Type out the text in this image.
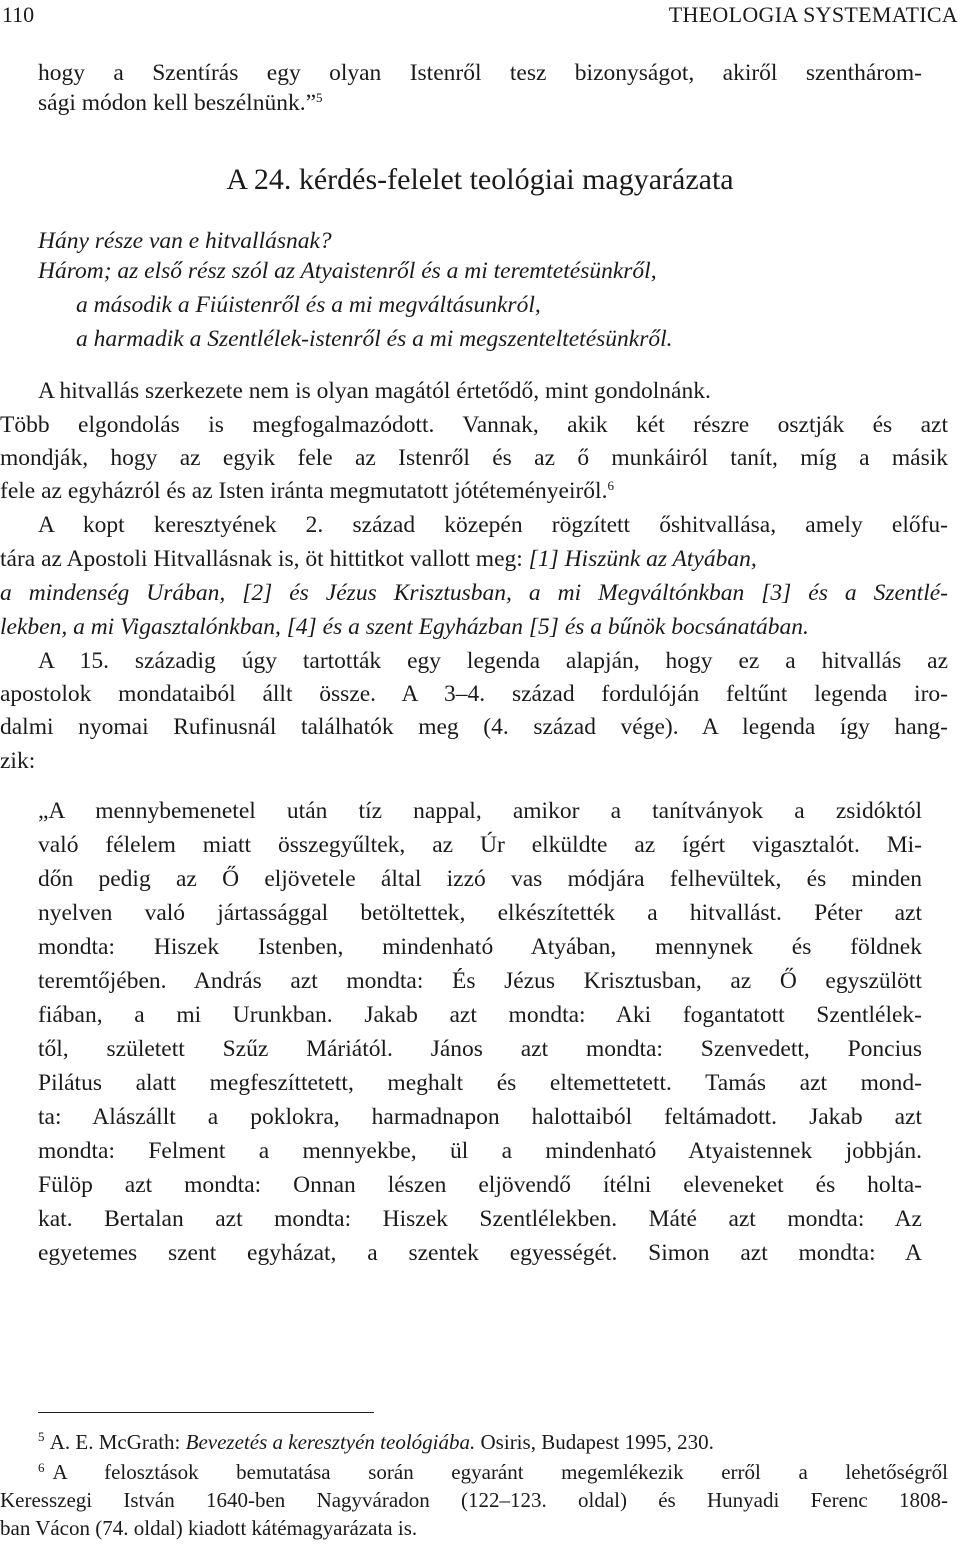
110	THEOLOGIA SYSTEMATICA
hogy a Szentírás egy olyan Istenről tesz bizonyságot, akiről szenthárom-
sági módon kell beszélnünk.”$^5$
A 24. kérdés-felelet teológiai magyarázata
Hány része van e hitvallásnak?
Három; az első rész szól az Atyaistenről és a mi teremtetésünkről,
a második a Fiúistenről és a mi megváltásunkról,
a harmadik a Szentlélek-istenről és a mi megszenteltetésünkről.
A hitvallás szerkezete nem is olyan magától értetődő, mint gondolnánk.
Több elgondolás is megfogalmazódott. Vannak, akik két részre osztják és azt
mondják, hogy az egyik fele az Istenről és az ő munkáiról tanít, míg a másik
fele az egyházról és az Isten iránta megmutatott jótéteményeiről.$^6$
A kopt keresztyének 2. század közepén rögzített őshitvallása, amely előfu-
tára az Apostoli Hitvallásnak is, öt hittitkot vallott meg: [1] Hiszünk az Atyában,
a mindenség Urában, [2] és Jézus Krisztusban, a mi Megváltónkban [3] és a Szentlé-
lekben, a mi Vigasztalónkban, [4] és a szent Egyházban [5] és a bűnök bocsánatában.
A 15. századig úgy tartották egy legenda alapján, hogy ez a hitvallás az
apostolok mondataiból állt össze. A 3–4. század fordulóján feltűnt legenda iro-
dalmi nyomai Rufinusnál találhatók meg (4. század vége). A legenda így hang-
zik:
„A mennybemenetel után tíz nappal, amikor a tanítványok a zsidóktól
való félelem miatt összegyűltek, az Úr elküldte az ígért vigasztalót. Mi-
dőn pedig az Ő eljövetele által izzó vas módjára felhevültek, és minden
nyelven való jártassággal betöltettek, elkészítették a hitvallást. Péter azt
mondta: Hiszek Istenben, mindenható Atyában, mennynek és földnek
teremtőjében. András azt mondta: És Jézus Krisztusban, az Ő egyszülött
fiában, a mi Urunkban. Jakab azt mondta: Aki fogantatott Szentlélek-
től, született Szűz Máriától. János azt mondta: Szenvedett, Poncius
Pilátus alatt megfeszíttetett, meghalt és eltemettetett. Tamás azt mond-
ta: Alászállt a poklokra, harmadnapon halottaiból feltámadott. Jakab azt
mondta: Felment a mennyekbe, ül a mindenható Atyaistennek jobbján.
Fülöp azt mondta: Onnan lészen eljövendő ítélni eleveneket és holta-
kat. Bertalan azt mondta: Hiszek Szentlélekben. Máté azt mondta: Az
egyetemes szent egyházat, a szentek egyességét. Simon azt mondta: A
$^5$ A. E. McGrath: Bevezetés a keresztyén teológiába. Osiris, Budapest 1995, 230.
6 A felosztások bemutatása során egyaránt megemlékezik erről a lehetőségről
Keresszegi István 1640-ben Nagyváradon (122–123. oldal) és Hunyadi Ferenc 1808-
ban Vácon (74. oldal) kiadott kátémagyarázata is.
